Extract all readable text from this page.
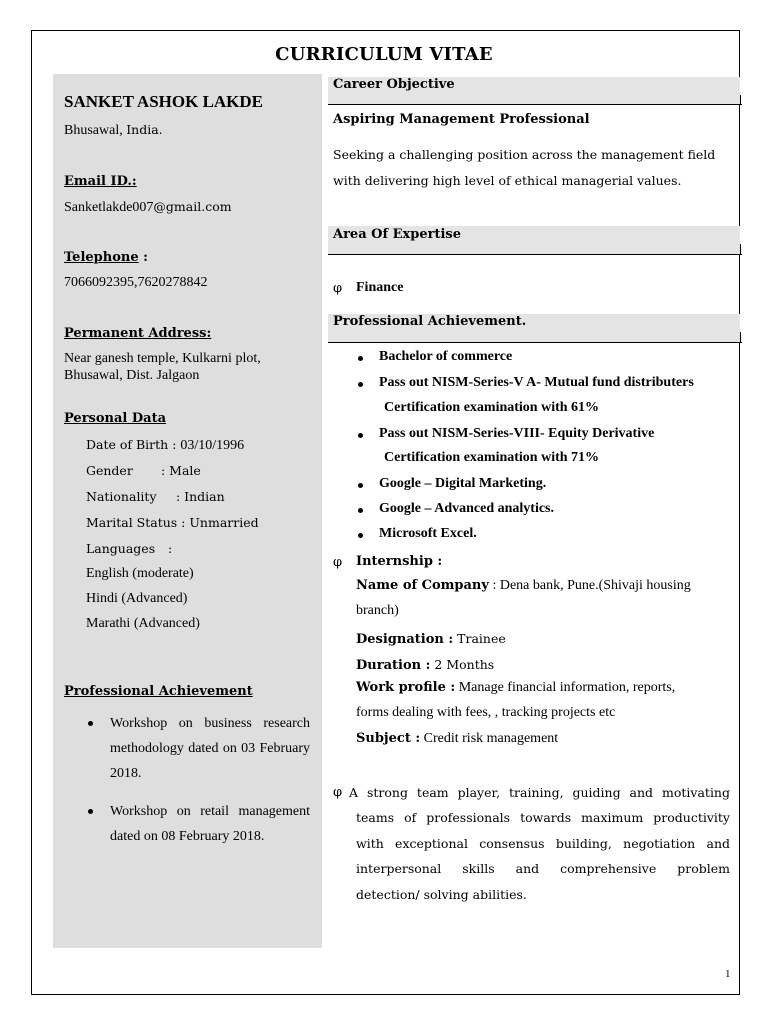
CURRICULUM VITAE
SANKET ASHOK LAKDE
Bhusawal, India.
Email ID.:
Sanketlakde007@gmail.com
Telephone :
7066092395,7620278842
Permanent Address:
Near ganesh temple, Kulkarni plot,
Bhusawal, Dist. Jalgaon
Personal Data
Date of Birth : 03/10/1996
Gender : Male
Nationality : Indian
Marital Status : Unmarried
Languages :
English (moderate)
Hindi (Advanced)
Marathi (Advanced)
Professional Achievement
Workshop on business research methodology dated on 03 February 2018.
Workshop on retail management dated on 08 February 2018.
Career Objective
Aspiring Management Professional
Seeking a challenging position across the management field
with delivering high level of ethical managerial values.
Area Of Expertise
φ Finance
Professional Achievement.
Bachelor of commerce
Pass out NISM-Series-V A- Mutual fund distributers
Certification examination with 61%
Pass out NISM-Series-VIII- Equity Derivative
Certification examination with 71%
Google – Digital Marketing.
Google – Advanced analytics.
Microsoft Excel.
φ Internship :
Name of Company : Dena bank, Pune.(Shivaji housing
branch)
Designation : Trainee
Duration : 2 Months
Work profile : Manage financial information, reports,
forms dealing with fees, , tracking projects etc
Subject : Credit risk management
φ A strong team player, training, guiding and motivating
teams of professionals towards maximum productivity
with exceptional consensus building, negotiation and
interpersonal skills and comprehensive problem
detection/ solving abilities.
1
